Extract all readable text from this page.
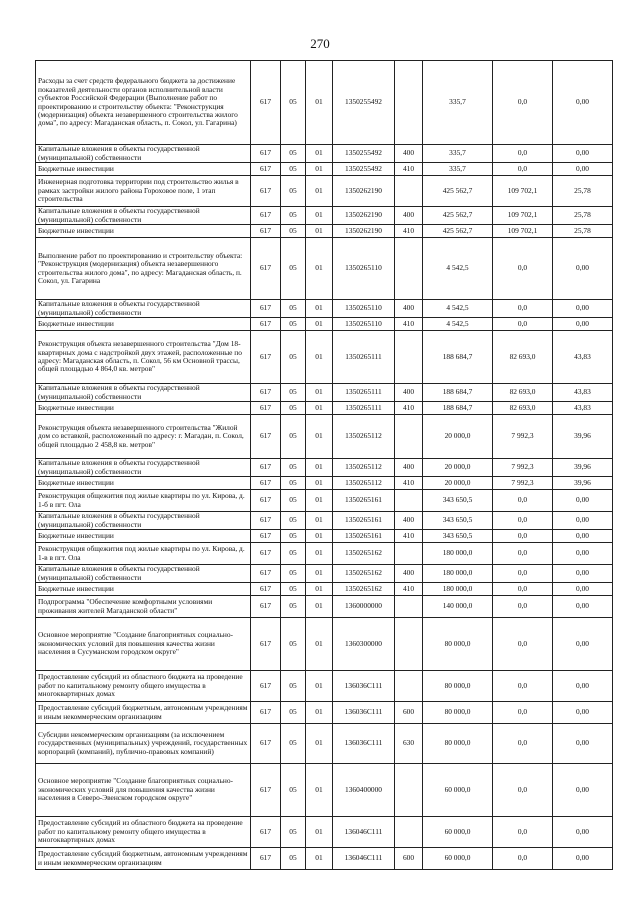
270
Расходы за счет средств федерального бюджета за достижение показателей деятельности органов исполнительной власти субъектов Российской Федерации (Выполнение работ по проектированию и строительству объекта: "Реконструкция (модернизация) объекта незавершенного строительства жилого дома", по адресу: Магаданская область, п. Сокол, ул. Гагарина)	617	05	01	1350255492		335,7	0,0	0,00
Капитальные вложения в объекты государственной (муниципальной) собственности	617	05	01	1350255492	400	335,7	0,0	0,00
Бюджетные инвестиции	617	05	01	1350255492	410	335,7	0,0	0,00
Инженерная подготовка территории под строительство жилья в рамках застройки жилого района Гороховое поле, 1 этап строительства	617	05	01	1350262190		425 562,7	109 702,1	25,78
Капитальные вложения в объекты государственной (муниципальной) собственности	617	05	01	1350262190	400	425 562,7	109 702,1	25,78
Бюджетные инвестиции	617	05	01	1350262190	410	425 562,7	109 702,1	25,78
Выполнение работ по проектированию и строительству объекта: "Реконструкция (модернизация) объекта незавершенного строительства жилого дома", по адресу: Магаданская область, п. Сокол, ул. Гагарина	617	05	01	1350265110		4 542,5	0,0	0,00
Капитальные вложения в объекты государственной (муниципальной) собственности	617	05	01	1350265110	400	4 542,5	0,0	0,00
Бюджетные инвестиции	617	05	01	1350265110	410	4 542,5	0,0	0,00
Реконструкция объекта незавершенного строительства "Дом 18-квартирных дома с надстройкой двух этажей, расположенные по адресу: Магаданская область, п. Сокол, 56 км Основной трассы, общей площадью 4 864,0 кв. метров"	617	05	01	1350265111		188 684,7	82 693,0	43,83
Капитальные вложения в объекты государственной (муниципальной) собственности	617	05	01	1350265111	400	188 684,7	82 693,0	43,83
Бюджетные инвестиции	617	05	01	1350265111	410	188 684,7	82 693,0	43,83
Реконструкция объекта незавершенного строительства "Жилой дом со вставкой, расположенный по адресу: г. Магадан, п. Сокол, общей площадью 2 458,8 кв. метров"	617	05	01	1350265112		20 000,0	7 992,3	39,96
Капитальные вложения в объекты государственной (муниципальной) собственности	617	05	01	1350265112	400	20 000,0	7 992,3	39,96
Бюджетные инвестиции	617	05	01	1350265112	410	20 000,0	7 992,3	39,96
Реконструкция общежития под жилые квартиры по ул. Кирова, д. 1-б в пгт. Ола	617	05	01	1350265161		343 650,5	0,0	0,00
Капитальные вложения в объекты государственной (муниципальной) собственности	617	05	01	1350265161	400	343 650,5	0,0	0,00
Бюджетные инвестиции	617	05	01	1350265161	410	343 650,5	0,0	0,00
Реконструкция общежития под жилые квартиры по ул. Кирова, д. 1-в в пгт. Ола	617	05	01	1350265162		180 000,0	0,0	0,00
Капитальные вложения в объекты государственной (муниципальной) собственности	617	05	01	1350265162	400	180 000,0	0,0	0,00
Бюджетные инвестиции	617	05	01	1350265162	410	180 000,0	0,0	0,00
Подпрограмма "Обеспечение комфортными условиями проживания жителей Магаданской области"	617	05	01	1360000000		140 000,0	0,0	0,00
Основное мероприятие "Создание благоприятных социально-экономических условий для повышения качества жизни населения в Сусуманском городском округе"	617	05	01	1360300000		80 000,0	0,0	0,00
Предоставление субсидий из областного бюджета на проведение работ по капитальному ремонту общего имущества в многоквартирных домах	617	05	01	136036С111		80 000,0	0,0	0,00
Предоставление субсидий бюджетным, автономным учреждениям и иным некоммерческим организациям	617	05	01	136036С111	600	80 000,0	0,0	0,00
Субсидии некоммерческим организациям (за исключением государственных (муниципальных) учреждений, государственных корпораций (компаний), публично-правовых компаний)	617	05	01	136036С111	630	80 000,0	0,0	0,00
Основное мероприятие "Создание благоприятных социально-экономических условий для повышения качества жизни населения в Северо-Эвенском городском округе"	617	05	01	1360400000		60 000,0	0,0	0,00
Предоставление субсидий из областного бюджета на проведение работ по капитальному ремонту общего имущества в многоквартирных домах	617	05	01	136046С111		60 000,0	0,0	0,00
Предоставление субсидий бюджетным, автономным учреждениям и иным некоммерческим организациям	617	05	01	136046С111	600	60 000,0	0,0	0,00
